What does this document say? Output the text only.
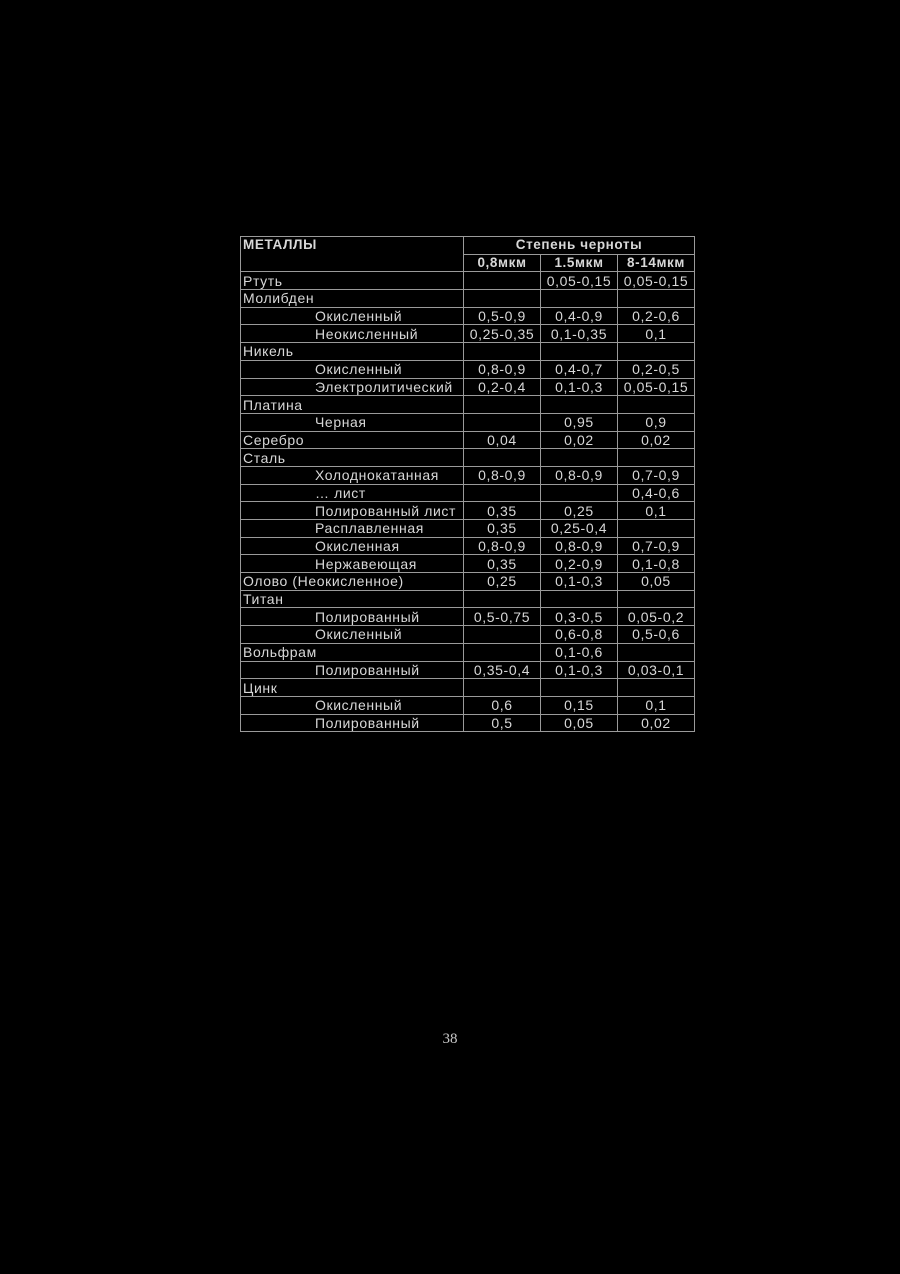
МЕТАЛЛЫ	Степень черноты		
	0,8мкм	1.5мкм	8-14мкм
Ртуть		0,05-0,15	0,05-0,15
Молибден			
Окисленный	0,5-0,9	0,4-0,9	0,2-0,6
Неокисленный	0,25-0,35	0,1-0,35	0,1
Никель			
Окисленный	0,8-0,9	0,4-0,7	0,2-0,5
Электролитический	0,2-0,4	0,1-0,3	0,05-0,15
Платина			
Черная		0,95	0,9
Серебро	0,04	0,02	0,02
Сталь			
Холоднокатанная	0,8-0,9	0,8-0,9	0,7-0,9
… лист			0,4-0,6
Полированный лист	0,35	0,25	0,1
Расплавленная	0,35	0,25-0,4	
Окисленная	0,8-0,9	0,8-0,9	0,7-0,9
Нержавеющая	0,35	0,2-0,9	0,1-0,8
Олово (Неокисленное)	0,25	0,1-0,3	0,05
Титан			
Полированный	0,5-0,75	0,3-0,5	0,05-0,2
Окисленный		0,6-0,8	0,5-0,6
Вольфрам		0,1-0,6	
Полированный	0,35-0,4	0,1-0,3	0,03-0,1
Цинк			
Окисленный	0,6	0,15	0,1
Полированный	0,5	0,05	0,02
38
